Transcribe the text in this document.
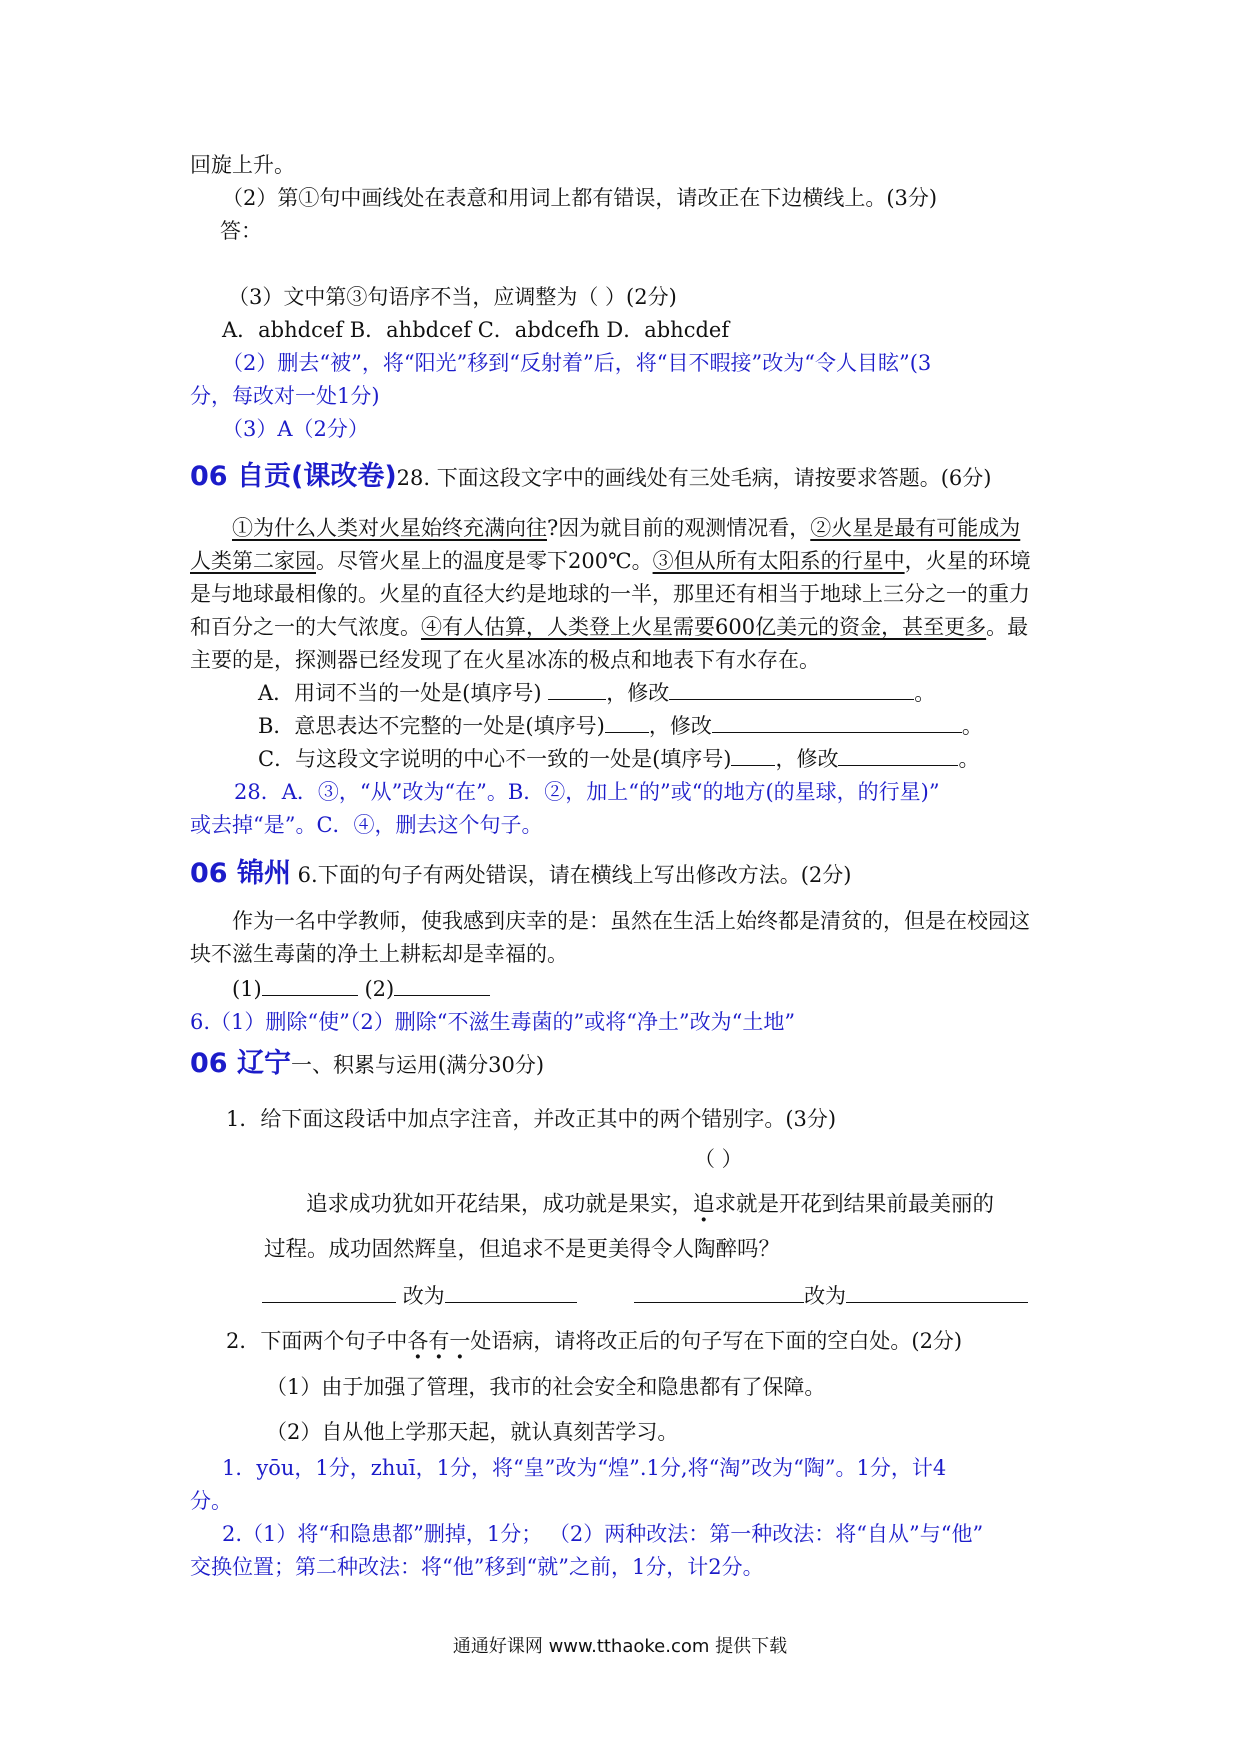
回旋上升。
（2）第①句中画线处在表意和用词上都有错误，请改正在下边横线上。(3分)
答：
（3）文中第③句语序不当，应调整为（ ）(2分)
A．abhdcef B．ahbdcef C．abdcefh D．abhcdef
（2）删去“被”，将“阳光”移到“反射着”后，将“目不暇接”改为“令人目眩”(3
分，每改对一处1分)
（3）A（2分）
06 自贡(课改卷)28. 下面这段文字中的画线处有三处毛病，请按要求答题。(6分)
①为什么人类对火星始终充满向往?因为就目前的观测情况看，②火星是最有可能成为
人类第二家园。尽管火星上的温度是零下200℃。③但从所有太阳系的行星中，火星的环境
是与地球最相像的。火星的直径大约是地球的一半，那里还有相当于地球上三分之一的重力
和百分之一的大气浓度。④有人估算，人类登上火星需要600亿美元的资金，甚至更多。最
主要的是，探测器已经发现了在火星冰冻的极点和地表下有水存在。
A．用词不当的一处是(填序号)	，修改	。
B．意思表达不完整的一处是(填序号) ，修改	。
C．与这段文字说明的中心不一致的一处是(填序号) ，修改	。
28．A．③，“从”改为“在”。B．②，加上“的”或“的地方(的星球，的行星)”
或去掉“是”。C．④，删去这个句子。
06 锦州 6.下面的句子有两处错误，请在横线上写出修改方法。(2分)
作为一名中学教师，使我感到庆幸的是：虽然在生活上始终都是清贫的，但是在校园这
块不滋生毒菌的净土上耕耘却是幸福的。
(1)	(2)
6.（1）删除“使”（2）删除“不滋生毒菌的”或将“净土”改为“土地”
06 辽宁一、积累与运用(满分30分)
1．给下面这段话中加点字注音，并改正其中的两个错别字。(3分)
（ ）
追求成功犹如开花结果，成功就是果实，追求就是开花到结果前最美丽的
过程。成功固然辉皇，但追求不是更美得令人陶醉吗？
改为	改为
2．下面两个句子中各有一处语病，请将改正后的句子写在下面的空白处。(2分)
（1）由于加强了管理，我市的社会安全和隐患都有了保障。
（2）自从他上学那天起，就认真刻苦学习。
1．yōu，1分，zhuī，1分，将“皇”改为“煌”.1分,将“淘”改为“陶”。1分，计4
分。
2.（1）将“和隐患都”删掉，1分； （2）两种改法：第一种改法：将“自从”与“他”
交换位置；第二种改法：将“他”移到“就”之前，1分，计2分。
通通好课网 www.tthaoke.com 提供下载
